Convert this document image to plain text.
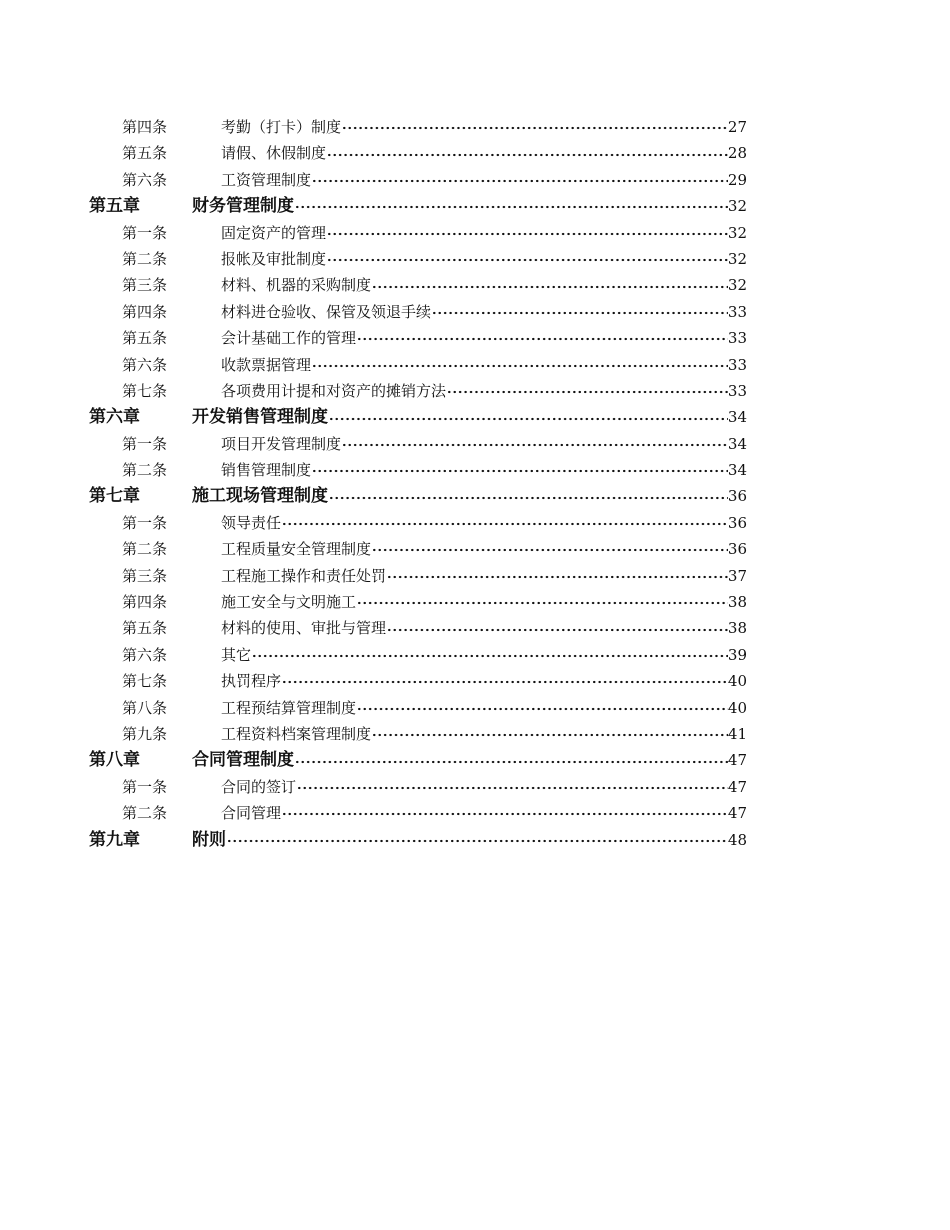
第四条	考勤（打卡）制度	27
第五条	请假、休假制度	28
第六条	工资管理制度	29
第五章	财务管理制度	32
第一条	固定资产的管理	32
第二条	报帐及审批制度	32
第三条	材料、机器的采购制度	32
第四条	材料进仓验收、保管及领退手续	33
第五条	会计基础工作的管理	33
第六条	收款票据管理	33
第七条	各项费用计提和对资产的摊销方法	33
第六章	开发销售管理制度	34
第一条	项目开发管理制度	34
第二条	销售管理制度	34
第七章	施工现场管理制度	36
第一条	领导责任	36
第二条	工程质量安全管理制度	36
第三条	工程施工操作和责任处罚	37
第四条	施工安全与文明施工	38
第五条	材料的使用、审批与管理	38
第六条	其它	39
第七条	执罚程序	40
第八条	工程预结算管理制度	40
第九条	工程资料档案管理制度	41
第八章	合同管理制度	47
第一条	合同的签订	47
第二条	合同管理	47
第九章	附则	48
